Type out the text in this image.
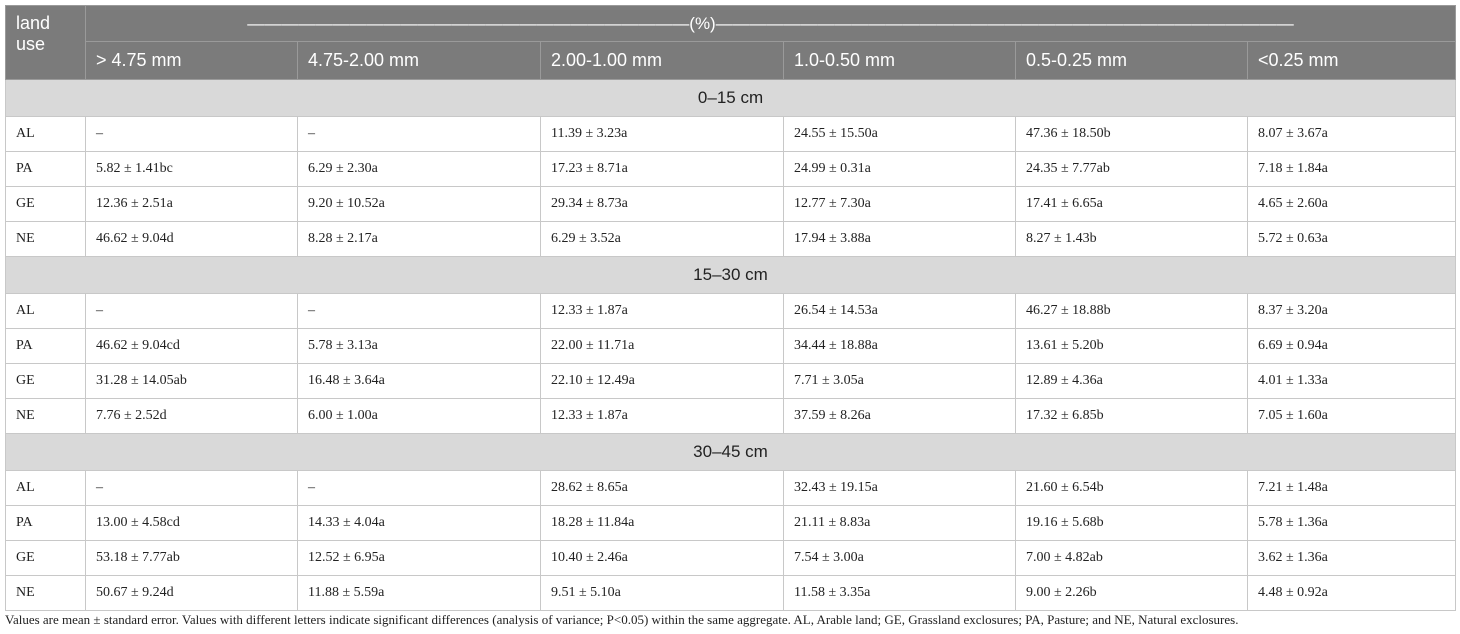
land use	——————————————————————————(%)——————————————————————————————————					
	> 4.75 mm	4.75-2.00 mm	2.00-1.00 mm	1.0-0.50 mm	0.5-0.25 mm	<0.25 mm
0–15 cm						
AL	–	–	11.39 ± 3.23a	24.55 ± 15.50a	47.36 ± 18.50b	8.07 ± 3.67a
PA	5.82 ± 1.41bc	6.29 ± 2.30a	17.23 ± 8.71a	24.99 ± 0.31a	24.35 ± 7.77ab	7.18 ± 1.84a
GE	12.36 ± 2.51a	9.20 ± 10.52a	29.34 ± 8.73a	12.77 ± 7.30a	17.41 ± 6.65a	4.65 ± 2.60a
NE	46.62 ± 9.04d	8.28 ± 2.17a	6.29 ± 3.52a	17.94 ± 3.88a	8.27 ± 1.43b	5.72 ± 0.63a
15–30 cm						
AL	–	–	12.33 ± 1.87a	26.54 ± 14.53a	46.27 ± 18.88b	8.37 ± 3.20a
PA	46.62 ± 9.04cd	5.78 ± 3.13a	22.00 ± 11.71a	34.44 ± 18.88a	13.61 ± 5.20b	6.69 ± 0.94a
GE	31.28 ± 14.05ab	16.48 ± 3.64a	22.10 ± 12.49a	7.71 ± 3.05a	12.89 ± 4.36a	4.01 ± 1.33a
NE	7.76 ± 2.52d	6.00 ± 1.00a	12.33 ± 1.87a	37.59 ± 8.26a	17.32 ± 6.85b	7.05 ± 1.60a
30–45 cm						
AL	–	–	28.62 ± 8.65a	32.43 ± 19.15a	21.60 ± 6.54b	7.21 ± 1.48a
PA	13.00 ± 4.58cd	14.33 ± 4.04a	18.28 ± 11.84a	21.11 ± 8.83a	19.16 ± 5.68b	5.78 ± 1.36a
GE	53.18 ± 7.77ab	12.52 ± 6.95a	10.40 ± 2.46a	7.54 ± 3.00a	7.00 ± 4.82ab	3.62 ± 1.36a
NE	50.67 ± 9.24d	11.88 ± 5.59a	9.51 ± 5.10a	11.58 ± 3.35a	9.00 ± 2.26b	4.48 ± 0.92a
Values are mean ± standard error. Values with different letters indicate significant differences (analysis of variance; P<0.05) within the same aggregate. AL, Arable land; GE, Grassland exclosures; PA, Pasture; and NE, Natural exclosures.
